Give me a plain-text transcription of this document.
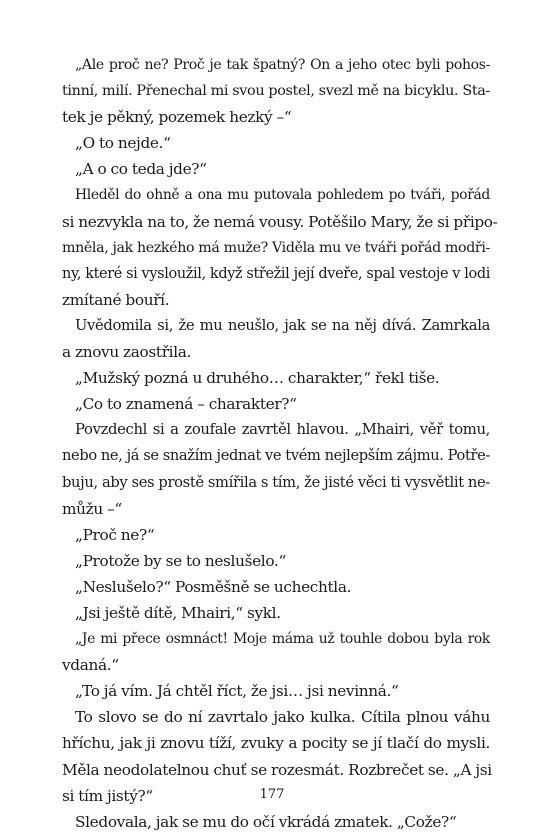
„Ale proč ne? Proč je tak špatný? On a jeho otec byli pohos-
tinní, milí. Přenechal mi svou postel, svezl mě na bicyklu. Sta-
tek je pěkný, pozemek hezký –“
„O to nejde.“
„A o co teda jde?“
Hleděl do ohně a ona mu putovala pohledem po tváři, pořád
si nezvykla na to, že nemá vousy. Potěšilo Mary, že si připo-
mněla, jak hezkého má muže? Viděla mu ve tváři pořád modři-
ny, které si vysloužil, když střežil její dveře, spal vestoje v lodi
zmítané bouří.
Uvědomila si, že mu neušlo, jak se na něj dívá. Zamrkala
a znovu zaostřila.
„Mužský pozná u druhého… charakter,“ řekl tiše.
„Co to znamená – charakter?“
Povzdechl si a zoufale zavrtěl hlavou. „Mhairi, věř tomu,
nebo ne, já se snažím jednat ve tvém nejlepším zájmu. Potře-
buju, aby ses prostě smířila s tím, že jisté věci ti vysvětlit ne-
můžu –“
„Proč ne?“
„Protože by se to neslušelo.“
„Neslušelo?“ Posměšně se uchechtla.
„Jsi ještě dítě, Mhairi,“ sykl.
„Je mi přece osmnáct! Moje máma už touhle dobou byla rok
vdaná.“
„To já vím. Já chtěl říct, že jsi… jsi nevinná.“
To slovo se do ní zavrtalo jako kulka. Cítila plnou váhu
hříchu, jak ji znovu tíží, zvuky a pocity se jí tlačí do mysli.
Měla neodolatelnou chuť se rozesmát. Rozbrečet se. „A jsi
si tím jistý?“
Sledovala, jak se mu do očí vkrádá zmatek. „Cože?“
177
